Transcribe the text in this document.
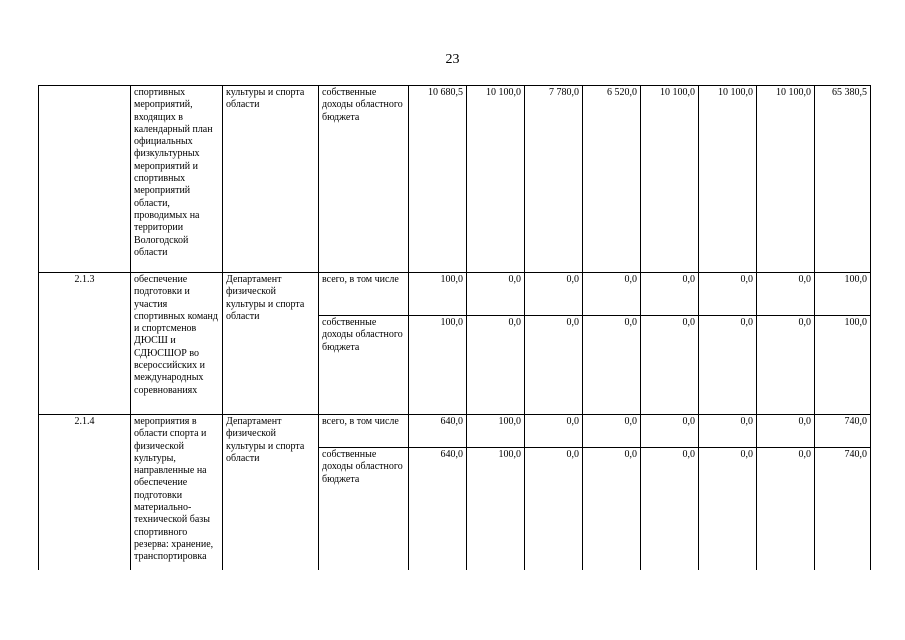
23
	спортивных мероприятий, входящих в календарный план официальных физкультурных мероприятий и спортивных мероприятий области, проводимых на территории Вологодской области	культуры и спорта области	собственные доходы областного бюджета	10 680,5	10 100,0	7 780,0	6 520,0	10 100,0	10 100,0	10 100,0	65 380,5
2.1.3	обеспечение подготовки и участия спортивных команд и спортсменов ДЮСШ и СДЮСШОР во всероссийских и международных соревнованиях	Департамент физической культуры и спорта области	всего, в том числе	100,0	0,0	0,0	0,0	0,0	0,0	0,0	100,0
			собственные доходы областного бюджета	100,0	0,0	0,0	0,0	0,0	0,0	0,0	100,0
2.1.4	мероприятия в области спорта и физической культуры, направленные на обеспечение подготовки материально-технической базы спортивного резерва: хранение, транспортировка	Департамент физической культуры и спорта области	всего, в том числе	640,0	100,0	0,0	0,0	0,0	0,0	0,0	740,0
			собственные доходы областного бюджета	640,0	100,0	0,0	0,0	0,0	0,0	0,0	740,0
